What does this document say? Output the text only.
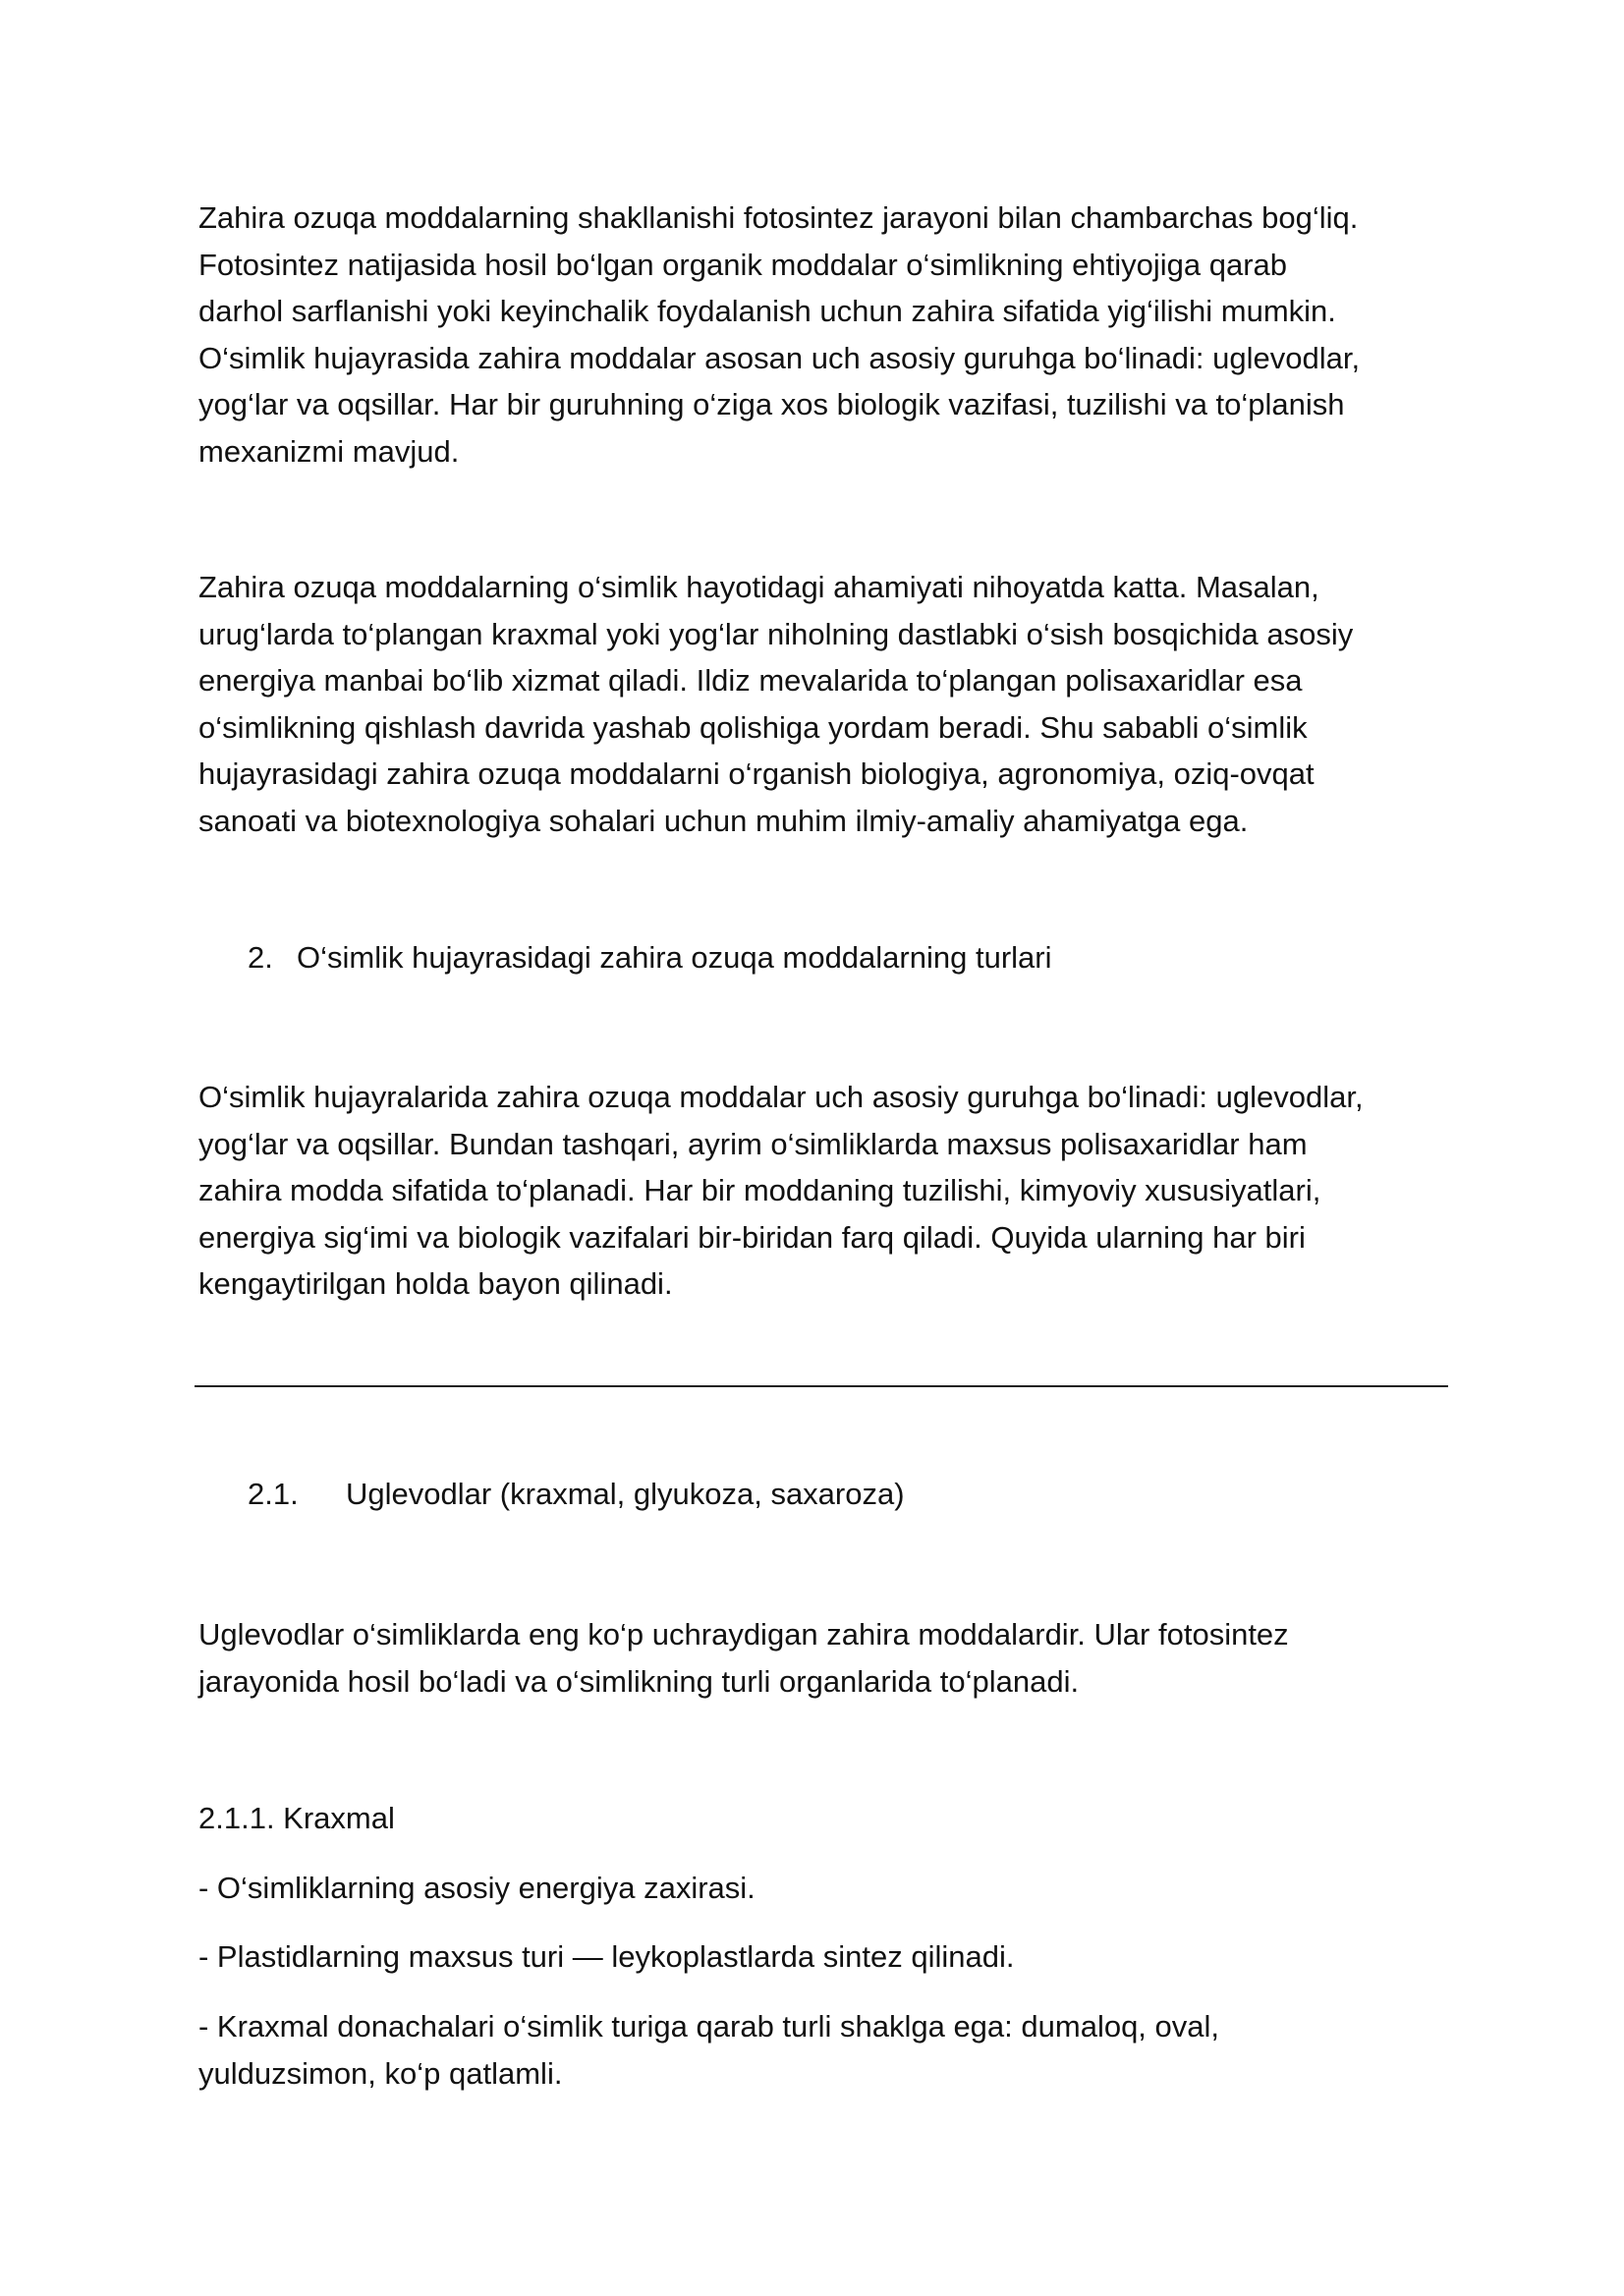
Zahira ozuqa moddalarning shakllanishi fotosintez jarayoni bilan chambarchas bog‘liq.
Fotosintez natijasida hosil bo‘lgan organik moddalar o‘simlikning ehtiyojiga qarab
darhol sarflanishi yoki keyinchalik foydalanish uchun zahira sifatida yig‘ilishi mumkin.
O‘simlik hujayrasida zahira moddalar asosan uch asosiy guruhga bo‘linadi: uglevodlar,
yog‘lar va oqsillar. Har bir guruhning o‘ziga xos biologik vazifasi, tuzilishi va to‘planish
mexanizmi mavjud.

Zahira ozuqa moddalarning o‘simlik hayotidagi ahamiyati nihoyatda katta. Masalan,
urug‘larda to‘plangan kraxmal yoki yog‘lar niholning dastlabki o‘sish bosqichida asosiy
energiya manbai bo‘lib xizmat qiladi. Ildiz mevalarida to‘plangan polisaxaridlar esa
o‘simlikning qishlash davrida yashab qolishiga yordam beradi. Shu sababli o‘simlik
hujayrasidagi zahira ozuqa moddalarni o‘rganish biologiya, agronomiya, oziq-ovqat
sanoati va biotexnologiya sohalari uchun muhim ilmiy-amaliy ahamiyatga ega.

2. O‘simlik hujayrasidagi zahira ozuqa moddalarning turlari

O‘simlik hujayralarida zahira ozuqa moddalar uch asosiy guruhga bo‘linadi: uglevodlar,
yog‘lar va oqsillar. Bundan tashqari, ayrim o‘simliklarda maxsus polisaxaridlar ham
zahira modda sifatida to‘planadi. Har bir moddaning tuzilishi, kimyoviy xususiyatlari,
energiya sig‘imi va biologik vazifalari bir-biridan farq qiladi. Quyida ularning har biri
kengaytirilgan holda bayon qilinadi.

2.1. Uglevodlar (kraxmal, glyukoza, saxaroza)

Uglevodlar o‘simliklarda eng ko‘p uchraydigan zahira moddalardir. Ular fotosintez
jarayonida hosil bo‘ladi va o‘simlikning turli organlarida to‘planadi.

2.1.1. Kraxmal

- O‘simliklarning asosiy energiya zaxirasi.

- Plastidlarning maxsus turi — leykoplastlarda sintez qilinadi.

- Kraxmal donachalari o‘simlik turiga qarab turli shaklga ega: dumaloq, oval,
yulduzsimon, ko‘p qatlamli.
